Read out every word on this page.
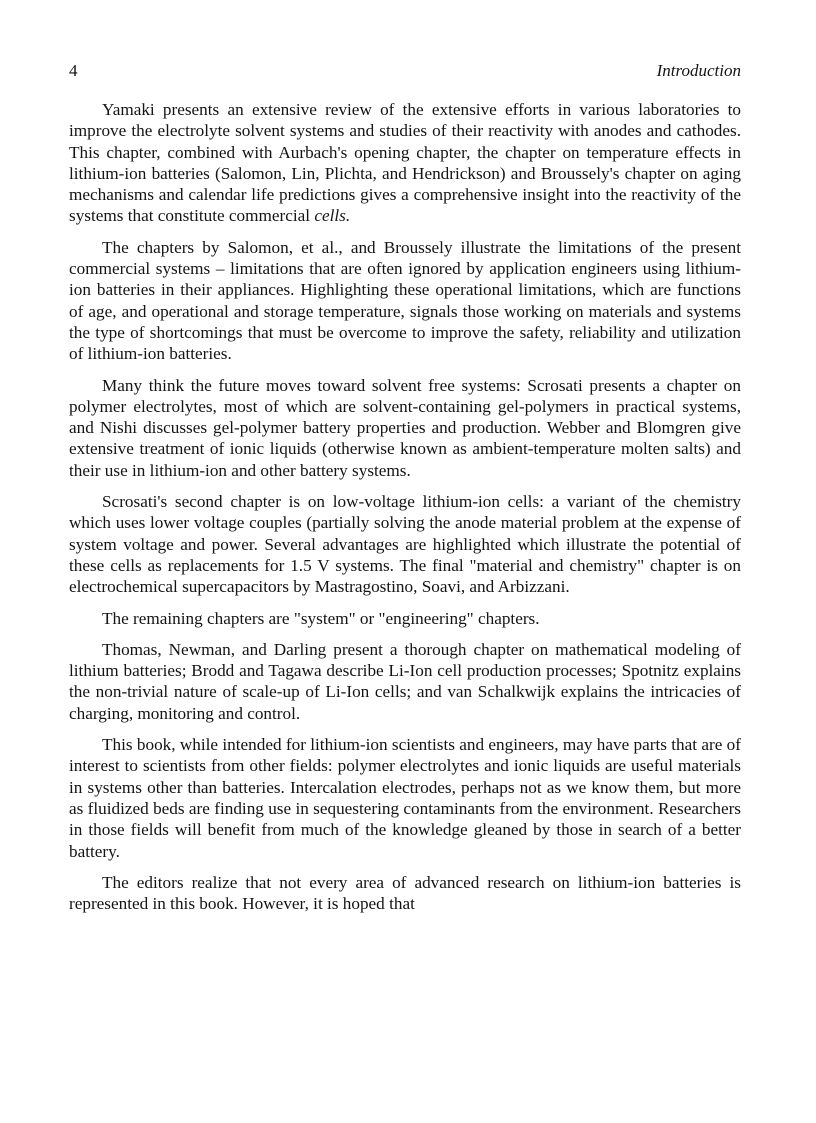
4	Introduction

Yamaki presents an extensive review of the extensive efforts in various laboratories to improve the electrolyte solvent systems and studies of their reactivity with anodes and cathodes. This chapter, combined with Aurbach's opening chapter, the chapter on temperature effects in lithium-ion batteries (Salomon, Lin, Plichta, and Hendrickson) and Broussely's chapter on aging mechanisms and calendar life predictions gives a comprehensive insight into the reactivity of the systems that constitute commercial cells.

The chapters by Salomon, et al., and Broussely illustrate the limitations of the present commercial systems – limitations that are often ignored by application engineers using lithium-ion batteries in their appliances. Highlighting these operational limitations, which are functions of age, and operational and storage temperature, signals those working on materials and systems the type of shortcomings that must be overcome to improve the safety, reliability and utilization of lithium-ion batteries.

Many think the future moves toward solvent free systems: Scrosati presents a chapter on polymer electrolytes, most of which are solvent-containing gel-polymers in practical systems, and Nishi discusses gel-polymer battery properties and production. Webber and Blomgren give extensive treatment of ionic liquids (otherwise known as ambient-temperature molten salts) and their use in lithium-ion and other battery systems.

Scrosati's second chapter is on low-voltage lithium-ion cells: a variant of the chemistry which uses lower voltage couples (partially solving the anode material problem at the expense of system voltage and power. Several advantages are highlighted which illustrate the potential of these cells as replacements for 1.5 V systems. The final "material and chemistry" chapter is on electrochemical supercapacitors by Mastragostino, Soavi, and Arbizzani.

The remaining chapters are "system" or "engineering" chapters.

Thomas, Newman, and Darling present a thorough chapter on mathematical modeling of lithium batteries; Brodd and Tagawa describe Li-Ion cell production processes; Spotnitz explains the non-trivial nature of scale-up of Li-Ion cells; and van Schalkwijk explains the intricacies of charging, monitoring and control.

This book, while intended for lithium-ion scientists and engineers, may have parts that are of interest to scientists from other fields: polymer electrolytes and ionic liquids are useful materials in systems other than batteries. Intercalation electrodes, perhaps not as we know them, but more as fluidized beds are finding use in sequestering contaminants from the environment. Researchers in those fields will benefit from much of the knowledge gleaned by those in search of a better battery.

The editors realize that not every area of advanced research on lithium-ion batteries is represented in this book. However, it is hoped that
